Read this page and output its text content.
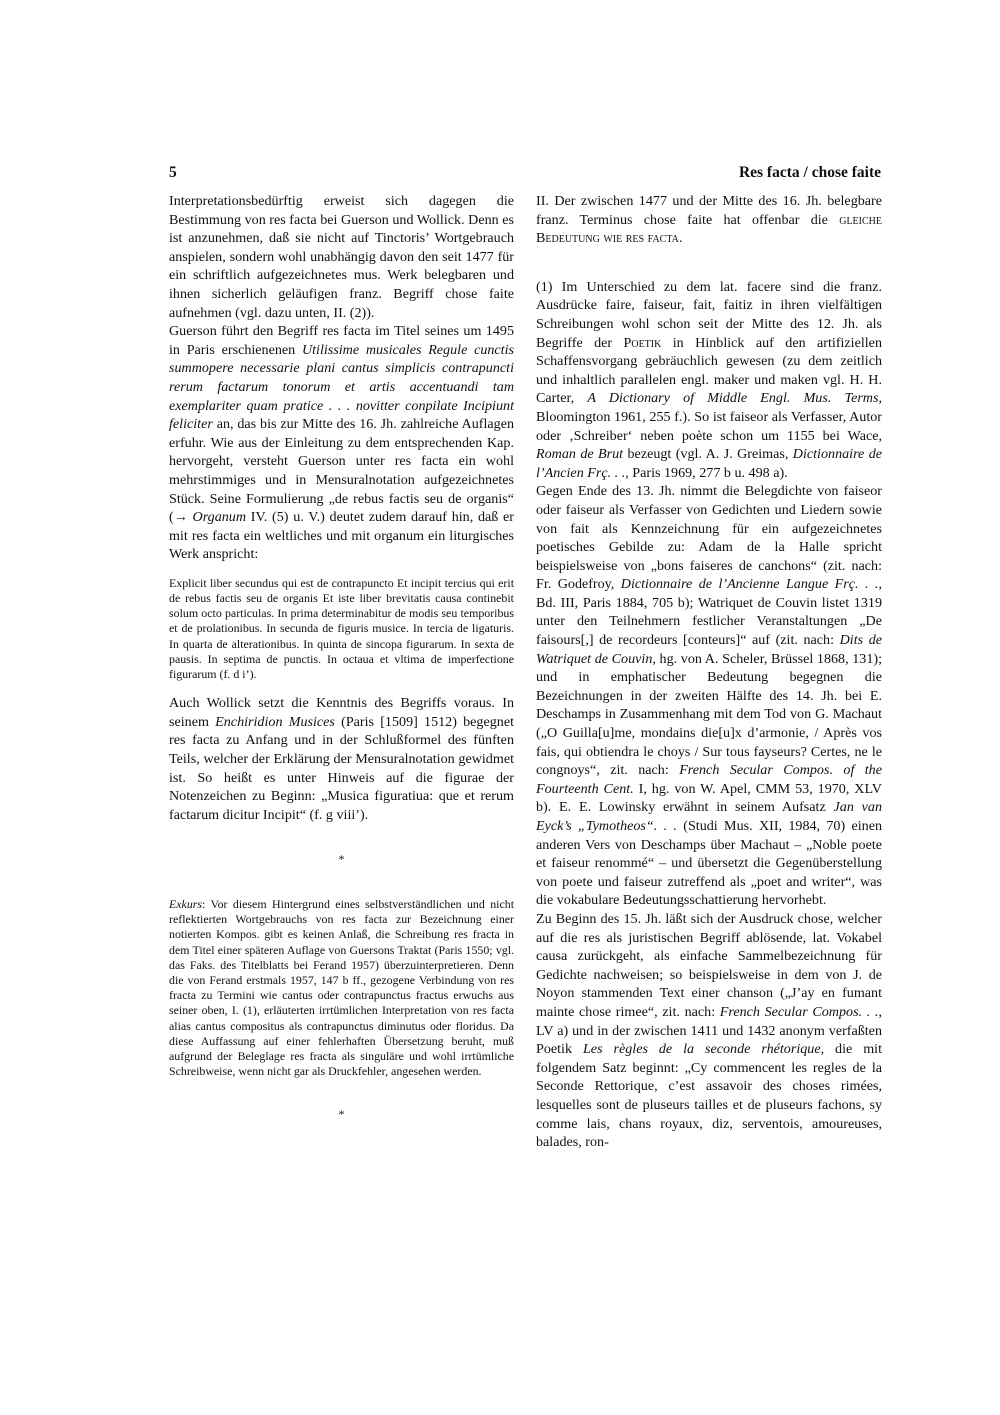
5	Res facta / chose faite

Interpretationsbedürftig erweist sich dagegen die Bestimmung von res facta bei Guerson und Wollick. Denn es ist anzunehmen, daß sie nicht auf Tinctoris’ Wortgebrauch anspielen, sondern wohl unabhängig davon den seit 1477 für ein schriftlich aufgezeichnetes mus. Werk belegbaren und ihnen sicherlich geläufigen franz. Begriff chose faite aufnehmen (vgl. dazu unten, II. (2)).

Guerson führt den Begriff res facta im Titel seines um 1495 in Paris erschienenen Utilissime musicales Regule cunctis summopere necessarie plani cantus simplicis contrapuncti rerum factarum tonorum et artis accentuandi tam exemplariter quam pratice . . . novitter conpilate Incipiunt feliciter an, das bis zur Mitte des 16. Jh. zahlreiche Auflagen erfuhr. Wie aus der Einleitung zu dem entsprechenden Kap. hervorgeht, versteht Guerson unter res facta ein wohl mehrstimmiges und in Mensuralnotation aufgezeichnetes Stück. Seine Formulierung „de rebus factis seu de organis“ (→ Organum IV. (5) u. V.) deutet zudem darauf hin, daß er mit res facta ein weltliches und mit organum ein liturgisches Werk anspricht:

Explicit liber secundus qui est de contrapuncto Et incipit tercius qui erit de rebus factis seu de organis Et iste liber brevitatis causa continebit solum octo particulas. In prima determinabitur de modis seu temporibus et de prolationibus. In secunda de figuris musice. In tercia de ligaturis. In quarta de alterationibus. In quinta de sincopa figurarum. In sexta de pausis. In septima de punctis. In octaua et vltima de imperfectione figurarum (f. d i’).

Auch Wollick setzt die Kenntnis des Begriffs voraus. In seinem Enchiridion Musices (Paris [1509] 1512) begegnet res facta zu Anfang und in der Schlußformel des fünften Teils, welcher der Erklärung der Mensuralnotation gewidmet ist. So heißt es unter Hinweis auf die figurae der Notenzeichen zu Beginn: „Musica figuratiua: que et rerum factarum dicitur Incipit“ (f. g viii’).

*

Exkurs: Vor diesem Hintergrund eines selbstverständlichen und nicht reflektierten Wortgebrauchs von res facta zur Bezeichnung einer notierten Kompos. gibt es keinen Anlaß, die Schreibung res fracta in dem Titel einer späteren Auflage von Guersons Traktat (Paris 1550; vgl. das Faks. des Titelblatts bei Ferand 1957) überzuinterpretieren. Denn die von Ferand erstmals 1957, 147 b ff., gezogene Verbindung von res fracta zu Termini wie cantus oder contrapunctus fractus erwuchs aus seiner oben, I. (1), erläuterten irrtümlichen Interpretation von res facta alias cantus compositus als contrapunctus diminutus oder floridus. Da diese Auffassung auf einer fehlerhaften Übersetzung beruht, muß aufgrund der Beleglage res fracta als singuläre und wohl irrtümliche Schreibweise, wenn nicht gar als Druckfehler, angesehen werden.

*

II. Der zwischen 1477 und der Mitte des 16. Jh. belegbare franz. Terminus chose faite hat offenbar die gleiche Bedeutung wie res facta.

(1) Im Unterschied zu dem lat. facere sind die franz. Ausdrücke faire, faiseur, fait, faitiz in ihren vielfältigen Schreibungen wohl schon seit der Mitte des 12. Jh. als Begriffe der Poetik in Hinblick auf den artifiziellen Schaffensvorgang gebräuchlich gewesen (zu dem zeitlich und inhaltlich parallelen engl. maker und maken vgl. H. H. Carter, A Dictionary of Middle Engl. Mus. Terms, Bloomington 1961, 255 f.). So ist faiseor als Verfasser, Autor oder ‚Schreiber‘ neben poète schon um 1155 bei Wace, Roman de Brut bezeugt (vgl. A. J. Greimas, Dictionnaire de l’Ancien Frç. . ., Paris 1969, 277 b u. 498 a).

Gegen Ende des 13. Jh. nimmt die Belegdichte von faiseor oder faiseur als Verfasser von Gedichten und Liedern sowie von fait als Kennzeichnung für ein aufgezeichnetes poetisches Gebilde zu: Adam de la Halle spricht beispielsweise von „bons faiseres de canchons“ (zit. nach: Fr. Godefroy, Dictionnaire de l’Ancienne Langue Frç. . ., Bd. III, Paris 1884, 705 b); Watriquet de Couvin listet 1319 unter den Teilnehmern festlicher Veranstaltungen „De faisours[,] de recordeurs [conteurs]“ auf (zit. nach: Dits de Watriquet de Couvin, hg. von A. Scheler, Brüssel 1868, 131); und in emphatischer Bedeutung begegnen die Bezeichnungen in der zweiten Hälfte des 14. Jh. bei E. Deschamps in Zusammenhang mit dem Tod von G. Machaut („O Guilla[u]me, mondains die[u]x d’armonie, / Après vos fais, qui obtiendra le choys / Sur tous fayseurs? Certes, ne le congnoys“, zit. nach: French Secular Compos. of the Fourteenth Cent. I, hg. von W. Apel, CMM 53, 1970, XLV b). E. E. Lowinsky erwähnt in seinem Aufsatz Jan van Eyck’s „Tymotheos“. . . (Studi Mus. XII, 1984, 70) einen anderen Vers von Deschamps über Machaut – „Noble poete et faiseur renommé“ – und übersetzt die Gegenüberstellung von poete und faiseur zutreffend als „poet and writer“, was die vokabulare Bedeutungsschattierung hervorhebt.

Zu Beginn des 15. Jh. läßt sich der Ausdruck chose, welcher auf die res als juristischen Begriff ablösende, lat. Vokabel causa zurückgeht, als einfache Sammelbezeichnung für Gedichte nachweisen; so beispielsweise in dem von J. de Noyon stammenden Text einer chanson („J’ay en fumant mainte chose rimee“, zit. nach: French Secular Compos. . ., LV a) und in der zwischen 1411 und 1432 anonym verfaßten Poetik Les règles de la seconde rhétorique, die mit folgendem Satz beginnt: „Cy commencent les regles de la Seconde Rettorique, c’est assavoir des choses rimées, lesquelles sont de pluseurs tailles et de pluseurs fachons, sy comme lais, chans royaux, diz, serventois, amoureuses, balades, ron-
